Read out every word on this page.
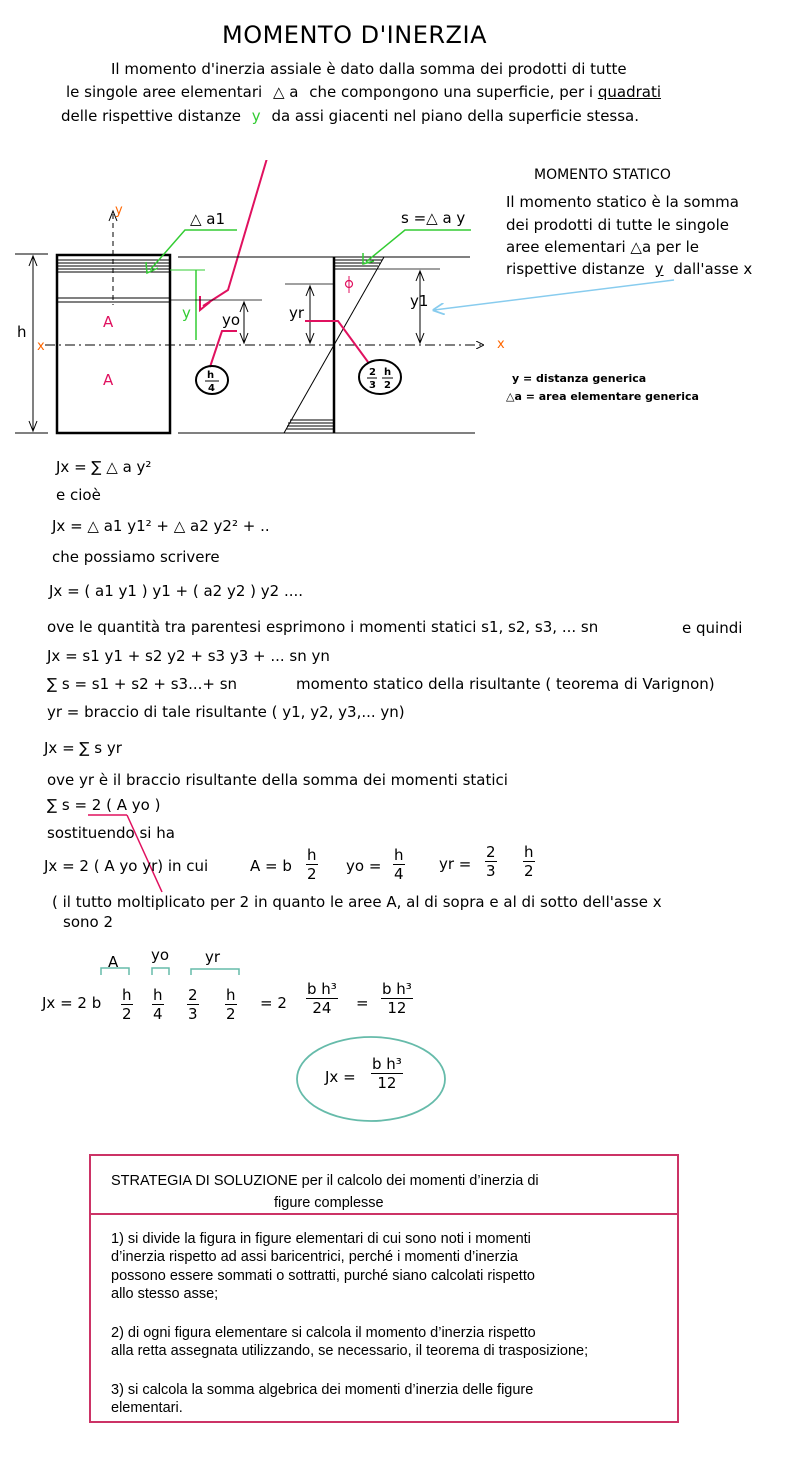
MOMENTO D'INERZIA
Il momento d'inerzia assiale è dato dalla somma dei prodotti di tutte
le singole aree elementari △ a che compongono una superficie, per i quadrati
delle rispettive distanze y da assi giacenti nel piano della superficie stessa.
MOMENTO STATICO
Il momento statico è la somma
dei prodotti di tutte le singole
aree elementari △a per le
rispettive distanze y dall'asse x
y
x	x
h
A
A
△ a1
y yo	yr
y1
s =△ a y
h
4
2
3
h
2
y = distanza generica
△a = area elementare generica
Jx = ∑ △ a y²
e cioè
Jx = △ a1 y1² + △ a2 y2² + ..
che possiamo scrivere
Jx = ( a1 y1 ) y1 + ( a2 y2 ) y2 ....
ove le quantità tra parentesi esprimono i momenti statici s1, s2, s3, ... sn	e quindi
Jx = s1 y1 + s2 y2 + s3 y3 + ... sn yn
∑ s = s1 + s2 + s3...+ sn	momento statico della risultante ( teorema di Varignon)
yr = braccio di tale risultante ( y1, y2, y3,... yn)
Jx = ∑ s yr
ove yr è il braccio risultante della somma dei momenti statici
∑ s = 2 ( A yo )
sostituendo si ha
Jx = 2 ( A yo yr) in cui	A = b $\frac{h}{2}$ yo = $\frac{h}{4}$ yr = $\frac{2}{3} \frac{h}{2}$
( il tutto moltiplicato per 2 in quanto le aree A, al di sopra e al di sotto dell'asse x
sono 2
A yo yr
Jx = 2 b $\frac{h}{2} \frac{h}{4} \frac{2}{3} \frac{h}{2} = 2 \frac{\text{b h³}}{24} = \frac{\text{b h³}}{12}$
$Jx = \frac{\text{b h³}}{12}$
STRATEGIA DI SOLUZIONE per il calcolo dei momenti d’inerzia di
figure complesse
1) si divide la figura in figure elementari di cui sono noti i momenti
d’inerzia rispetto ad assi baricentrici, perché i momenti d’inerzia
possono essere sommati o sottratti, purché siano calcolati rispetto
allo stesso asse;
2) di ogni figura elementare si calcola il momento d’inerzia rispetto
alla retta assegnata utilizzando, se necessario, il teorema di trasposizione;
3) si calcola la somma algebrica dei momenti d’inerzia delle figure
elementari.
